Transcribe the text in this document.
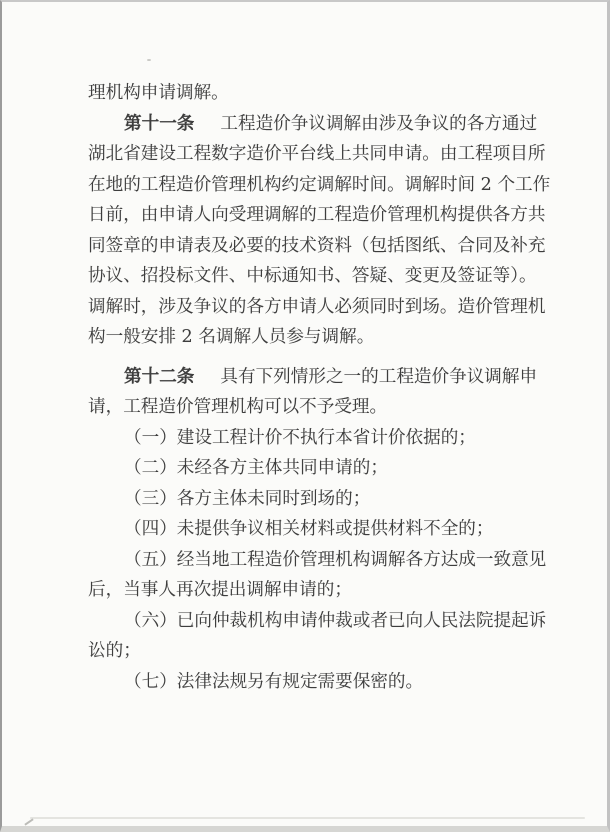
理机构申请调解。

第十一条 工程造价争议调解由涉及争议的各方通过湖北省建设工程数字造价平台线上共同申请。由工程项目所在地的工程造价管理机构约定调解时间。调解时间 2 个工作日前，由申请人向受理调解的工程造价管理机构提供各方共同签章的申请表及必要的技术资料（包括图纸、合同及补充协议、招投标文件、中标通知书、答疑、变更及签证等）。调解时，涉及争议的各方申请人必须同时到场。造价管理机构一般安排 2 名调解人员参与调解。

第十二条 具有下列情形之一的工程造价争议调解申请，工程造价管理机构可以不予受理。

（一）建设工程计价不执行本省计价依据的；

（二）未经各方主体共同申请的；

（三）各方主体未同时到场的；

（四）未提供争议相关材料或提供材料不全的；

（五）经当地工程造价管理机构调解各方达成一致意见后，当事人再次提出调解申请的；

（六）已向仲裁机构申请仲裁或者已向人民法院提起诉讼的；

（七）法律法规另有规定需要保密的。
